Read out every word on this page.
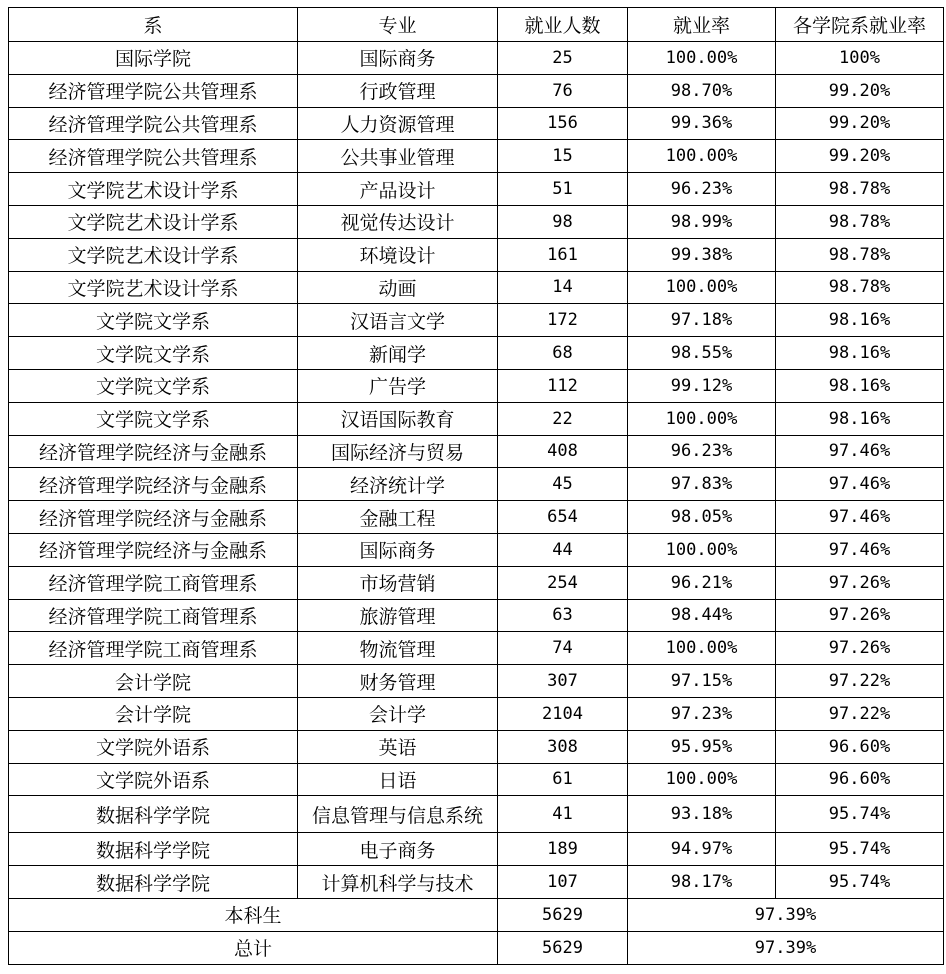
系	专业	就业人数	就业率	各学院系就业率
国际学院	国际商务	25	100.00%	100%
经济管理学院公共管理系	行政管理	76	98.70%	99.20%
经济管理学院公共管理系	人力资源管理	156	99.36%	99.20%
经济管理学院公共管理系	公共事业管理	15	100.00%	99.20%
文学院艺术设计学系	产品设计	51	96.23%	98.78%
文学院艺术设计学系	视觉传达设计	98	98.99%	98.78%
文学院艺术设计学系	环境设计	161	99.38%	98.78%
文学院艺术设计学系	动画	14	100.00%	98.78%
文学院文学系	汉语言文学	172	97.18%	98.16%
文学院文学系	新闻学	68	98.55%	98.16%
文学院文学系	广告学	112	99.12%	98.16%
文学院文学系	汉语国际教育	22	100.00%	98.16%
经济管理学院经济与金融系	国际经济与贸易	408	96.23%	97.46%
经济管理学院经济与金融系	经济统计学	45	97.83%	97.46%
经济管理学院经济与金融系	金融工程	654	98.05%	97.46%
经济管理学院经济与金融系	国际商务	44	100.00%	97.46%
经济管理学院工商管理系	市场营销	254	96.21%	97.26%
经济管理学院工商管理系	旅游管理	63	98.44%	97.26%
经济管理学院工商管理系	物流管理	74	100.00%	97.26%
会计学院	财务管理	307	97.15%	97.22%
会计学院	会计学	2104	97.23%	97.22%
文学院外语系	英语	308	95.95%	96.60%
文学院外语系	日语	61	100.00%	96.60%
数据科学学院	信息管理与信息系统	41	93.18%	95.74%
数据科学学院	电子商务	189	94.97%	95.74%
数据科学学院	计算机科学与技术	107	98.17%	95.74%
本科生		5629	97.39%	
总计		5629	97.39%	
